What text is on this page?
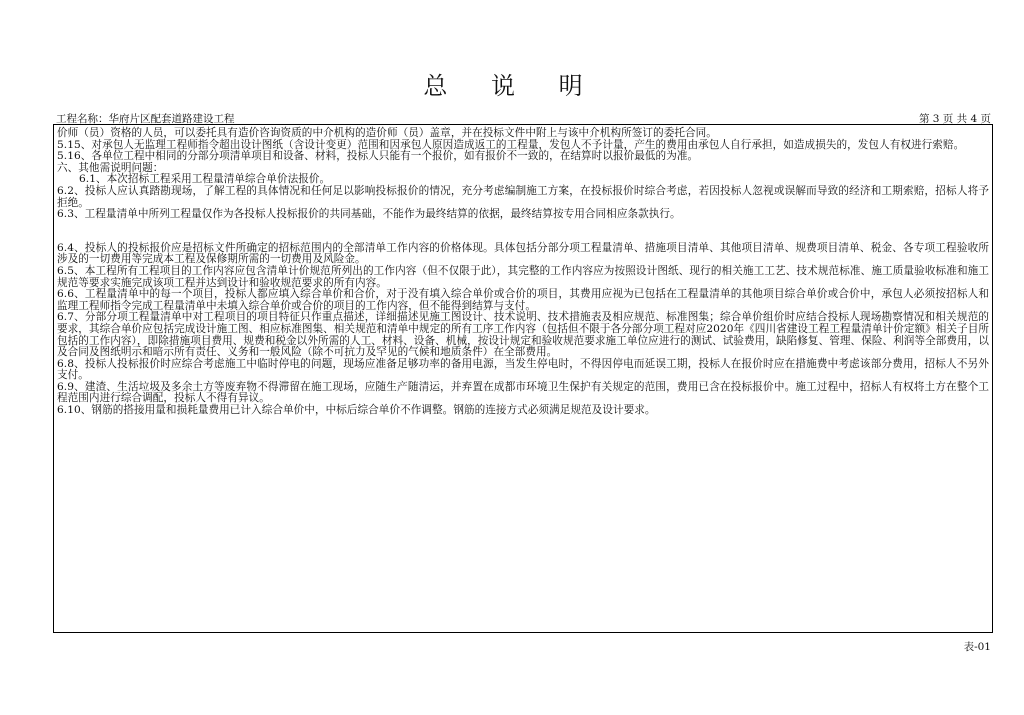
总 说 明
工程名称：华府片区配套道路建设工程	第 3 页 共 4 页

价师（员）资格的人员，可以委托具有造价咨询资质的中介机构的造价师（员）盖章，并在投标文件中附上与该中介机构所签订的委托合同。

5.15、对承包人无监理工程师指令超出设计图纸（含设计变更）范围和因承包人原因造成返工的工程量，发包人不予计量，产生的费用由承包人自行承担，如造成损失的，发包人有权进行索赔。

5.16、各单位工程中相同的分部分项清单项目和设备、材料，投标人只能有一个报价，如有报价不一致的，在结算时以报价最低的为准。

六、其他需说明问题：

6.1、本次招标工程采用工程量清单综合单价法报价。

6.2、投标人应认真踏勘现场，了解工程的具体情况和任何足以影响投标报价的情况，充分考虑编制施工方案，在投标报价时综合考虑，若因投标人忽视或误解而导致的经济和工期索赔，招标人将予拒绝。

6.3、工程量清单中所列工程量仅作为各投标人投标报价的共同基础，不能作为最终结算的依据，最终结算按专用合同相应条款执行。

6.4、投标人的投标报价应是招标文件所确定的招标范围内的全部清单工作内容的价格体现。具体包括分部分项工程量清单、措施项目清单、其他项目清单、规费项目清单、税金、各专项工程验收所涉及的一切费用等完成本工程及保修期所需的一切费用及风险金。

6.5、本工程所有工程项目的工作内容应包含清单计价规范所列出的工作内容（但不仅限于此），其完整的工作内容应为按照设计图纸、现行的相关施工工艺、技术规范标准、施工质量验收标准和施工规范等要求实施完成该项工程并达到设计和验收规范要求的所有内容。

6.6、工程量清单中的每一个项目，投标人都应填入综合单价和合价，对于没有填入综合单价或合价的项目，其费用应视为已包括在工程量清单的其他项目综合单价或合价中，承包人必须按招标人和监理工程师指令完成工程量清单中未填入综合单价或合价的项目的工作内容，但不能得到结算与支付。

6.7、分部分项工程量清单中对工程项目的项目特征只作重点描述，详细描述见施工图设计、技术说明、技术措施表及相应规范、标准图集；综合单价组价时应结合投标人现场勘察情况和相关规范的要求，其综合单价应包括完成设计施工图、相应标准图集、相关规范和清单中规定的所有工序工作内容（包括但不限于各分部分项工程对应2020年《四川省建设工程工程量清单计价定额》相关子目所包括的工作内容），即除措施项目费用、规费和税金以外所需的人工、材料、设备、机械，按设计规定和验收规范要求施工单位应进行的测试、试验费用，缺陷修复、管理、保险、利润等全部费用，以及合同及图纸明示和暗示所有责任、义务和一般风险（除不可抗力及罕见的气候和地质条件）在全部费用。

6.8、投标人投标报价时应综合考虑施工中临时停电的问题，现场应准备足够功率的备用电源，当发生停电时，不得因停电而延误工期，投标人在报价时应在措施费中考虑该部分费用，招标人不另外支付。

6.9、建渣、生活垃圾及多余土方等废弃物不得滞留在施工现场，应随生产随清运，并弃置在成都市环境卫生保护有关规定的范围，费用已含在投标报价中。施工过程中，招标人有权将土方在整个工程范围内进行综合调配，投标人不得有异议。

6.10、钢筋的搭接用量和损耗量费用已计入综合单价中，中标后综合单价不作调整。钢筋的连接方式必须满足规范及设计要求。

表-01
